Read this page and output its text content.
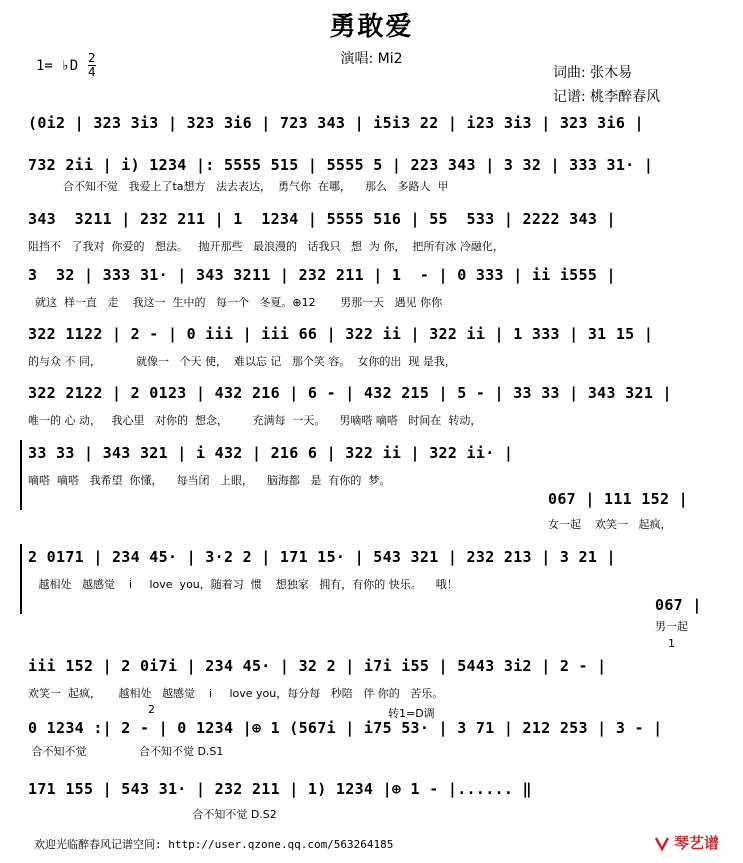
勇敢爱
演唱: Mi2
1= ♭D $\frac{2}{4}$	词曲: 张木易
记谱: 桃李醉春风
(0i2 | 323 3i3 | 323 3i6 | 723 343 | i5i3 22 | i23 3i3 | 323 3i6 |
732 2ii | i) 1234 |: 5555 515 | 5555 5 | 223 343 | 3 32 | 333 31· |
合不知不觉   我爱上了ta想方   法去表达，  勇气你  在哪，    那么   多路人  甲
343  3211 | 232 211 | 1  1234 | 5555 516 | 55  533 | 2222 343 |
阻挡不   了我对  你爱的   想法。   抛开那些   最浪漫的   话我只   想  为 你，  把所有冰 冷融化，
3  32 | 333 31· | 343 3211 | 232 211 | 1  - | 0 333 | ii i555 |
就这  样一直   走    我这一  生中的   每一个   冬夏。⊕12       男那一天   遇见 你你
322 1122 | 2 - | 0 iii | iii 66 | 322 ii | 322 ii | 1 333 | 31 15 |
的与众 不 同，          就像一   个天 使，  难以忘 记   那个笑 容。  女你的出  现 是我，
322 2122 | 2 0123 | 432 216 | 6 - | 432 215 | 5 - | 33 33 | 343 321 |
唯一的 心 动，   我心里   对你的  想念，       充满每  一天。    男嘀嗒 嘀嗒   时间在  转动，
33 33 | 343 321 | i 432 | 216 6 | 322 ii | 322 ii· |
嘀嗒  嘀嗒   我希望  你懂，    每当闭   上眼，    脑海都   是  有你的  梦。
067 | 111 152 |
女一起    欢笑一   起疯，
2 0171 | 234 45· | 3·2 2 | 171 15· | 543 321 | 232 213 | 3 21 |
越相处   越感觉    i     love  you，随着习  惯    想独家   拥有，有你的 快乐。    哦！
067 |
男一起
iii 152 | 2 0i7i | 234 45· | 32 2 | i7i i55 | 5443 3i2 | 2 - |
欢笑一  起疯，     越相处   越感觉    i     love you，每分每   秒陪   伴 你的   苦乐。
1
0 1234 :| 2 - | 0 1234 |⊕ 1 (567i | i75 53· | 3 71 | 212 253 | 3 - |
合不知不觉               合不知不觉 D.S1
2	转1=D调
171 155 | 543 31· | 232 211 | 1) 1234 |⊕ 1 - |...... ‖
合不知不觉 D.S2
欢迎光临醉春风记谱空间: http://user.qzone.qq.com/563264185	琴艺谱
